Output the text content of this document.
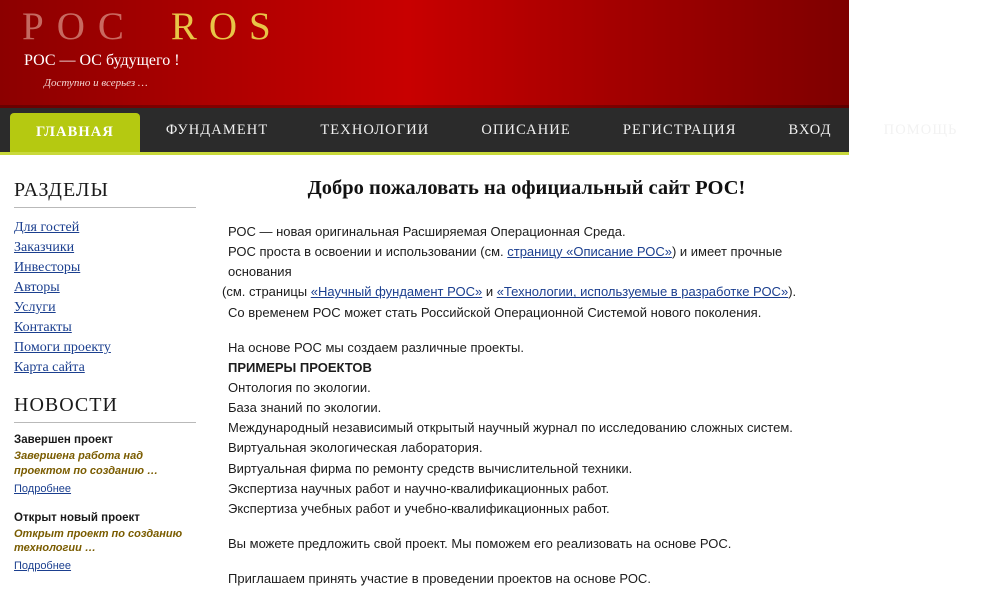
POC ROS
РОС — ОС будущего !
Доступно и всерьез …
ГЛАВНАЯ	ФУНДАМЕНТ	ТЕХНОЛОГИИ	ОПИСАНИЕ	РЕГИСТРАЦИЯ	ВХОД	ПОМОЩЬ
РАЗДЕЛЫ
Для гостей
Заказчики
Инвесторы
Авторы
Услуги
Контакты
Помоги проекту
Карта сайта
НОВОСТИ
Завершен проект
Завершена работа над проектом по созданию …
Подробнее
Открыт новый проект
Открыт проект по созданию технологии …
Подробнее
Добро пожаловать на официальный сайт РОС!

РОС — новая оригинальная Расширяемая Операционная Среда.

РОС проста в освоении и использовании (см. страницу «Описание РОС») и имеет прочные основания

(см. страницы «Научный фундамент РОС» и «Технологии, используемые в разработке РОС»).

Со временем РОС может стать Российской Операционной Системой нового поколения.

На основе РОС мы создаем различные проекты.

ПРИМЕРЫ ПРОЕКТОВ
Онтология по экологии.
База знаний по экологии.
Международный независимый открытый научный журнал по исследованию сложных систем.
Виртуальная экологическая лаборатория.
Виртуальная фирма по ремонту средств вычислительной техники.
Экспертиза научных работ и научно-квалификационных работ.
Экспертиза учебных работ и учебно-квалификационных работ.

Вы можете предложить свой проект. Мы поможем его реализовать на основе РОС.

Приглашаем принять участие в проведении проектов на основе РОС.
